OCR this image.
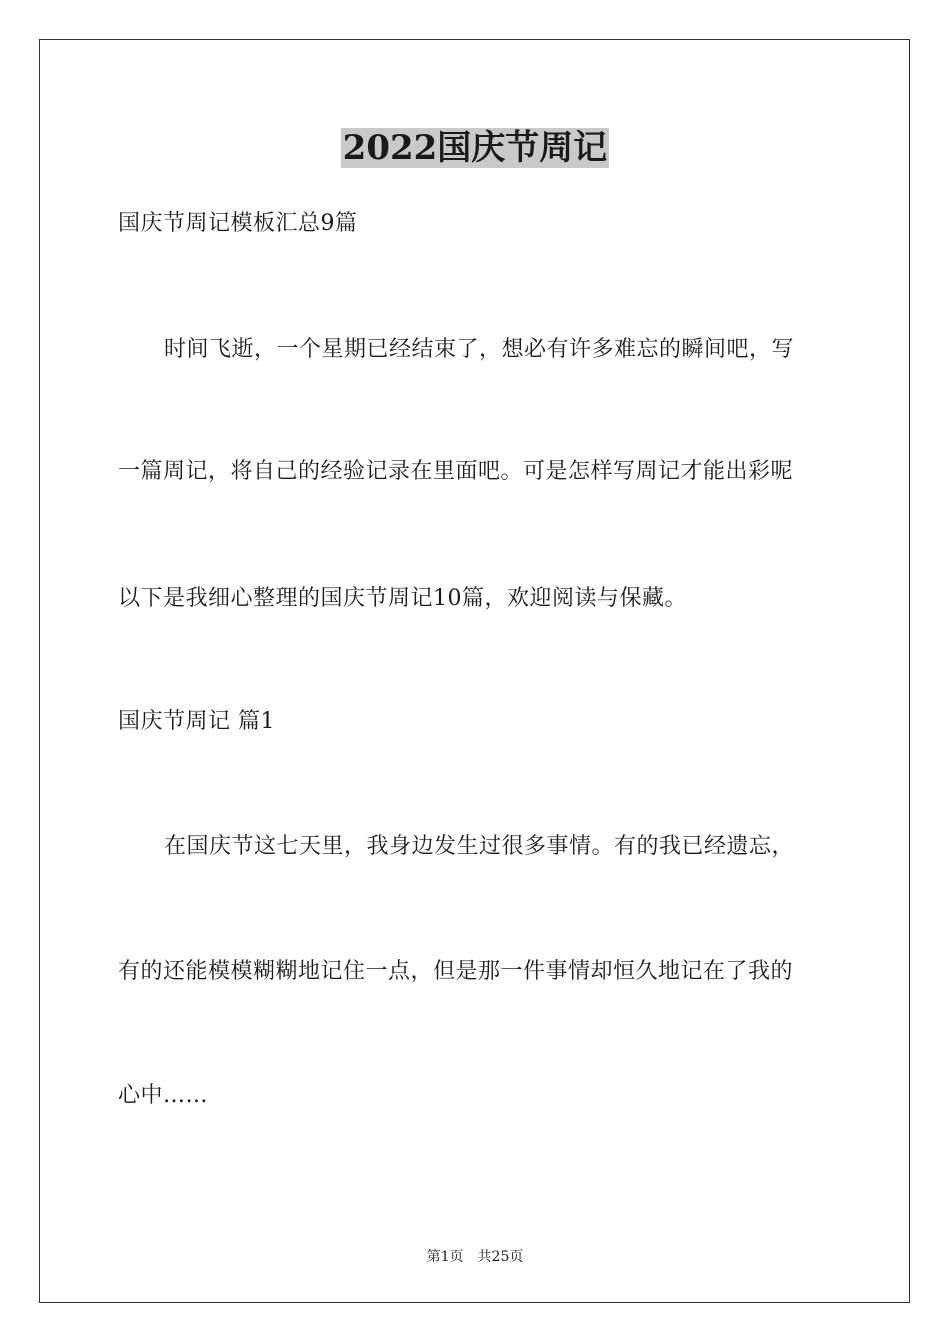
2022国庆节周记
国庆节周记模板汇总9篇
时间飞逝，一个星期已经结束了，想必有许多难忘的瞬间吧，写
一篇周记，将自己的经验记录在里面吧。可是怎样写周记才能出彩呢
以下是我细心整理的国庆节周记10篇，欢迎阅读与保藏。
国庆节周记 篇1
在国庆节这七天里，我身边发生过很多事情。有的我已经遗忘，
有的还能模模糊糊地记住一点，但是那一件事情却恒久地记在了我的
心中……
第1页 共25页
